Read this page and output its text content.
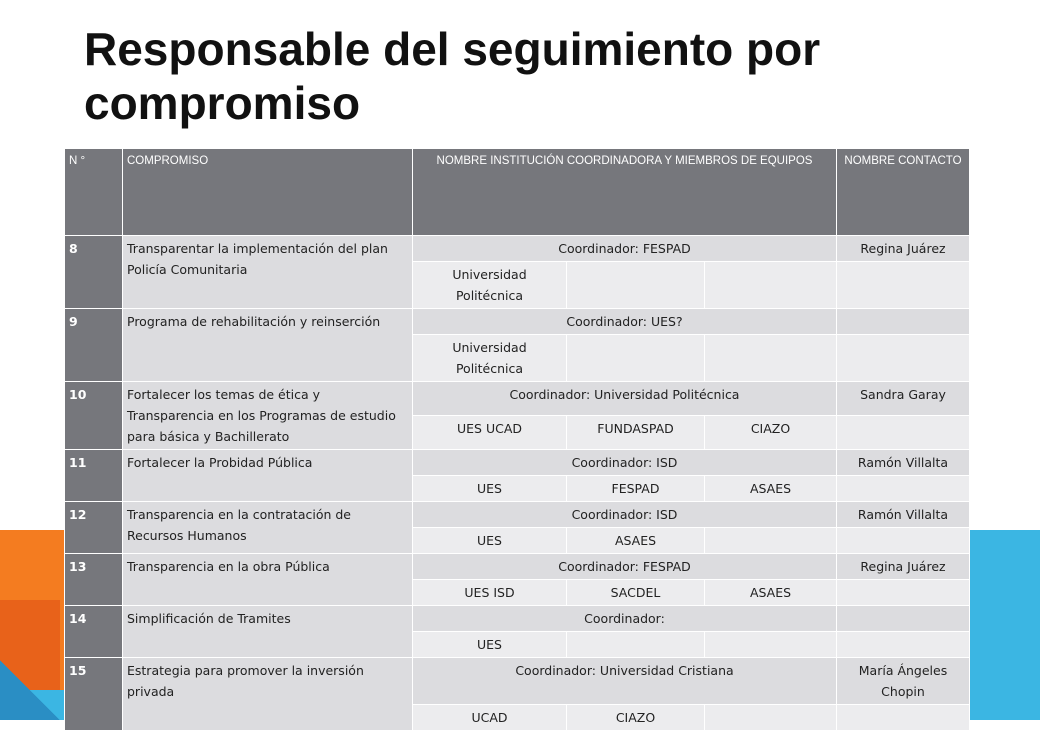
Responsable del seguimiento por compromiso
N °	COMPROMISO	NOMBRE INSTITUCIÓN COORDINADORA Y MIEMBROS DE EQUIPOS			NOMBRE CONTACTO
8	Transparentar la implementación del plan Policía Comunitaria	Coordinador: FESPAD			Regina Juárez
		Universidad Politécnica			
9	Programa de rehabilitación y reinserción	Coordinador: UES?			
		Universidad Politécnica			
10	Fortalecer los temas de ética y Transparencia en los Programas de estudio para básica y Bachillerato	Coordinador: Universidad Politécnica			Sandra Garay
		UES UCAD	FUNDASPAD	CIAZO	
11	Fortalecer la Probidad Pública	Coordinador: ISD			Ramón Villalta
		UES	FESPAD	ASAES	
12	Transparencia en la contratación de Recursos Humanos	Coordinador: ISD			Ramón Villalta
		UES	ASAES		
13	Transparencia en la obra Pública	Coordinador: FESPAD			Regina Juárez
		UES ISD	SACDEL	ASAES	
14	Simplificación de Tramites	Coordinador:			
		UES			
15	Estrategia para promover la inversión privada	Coordinador: Universidad Cristiana			María Ángeles Chopin
		UCAD	CIAZO		
